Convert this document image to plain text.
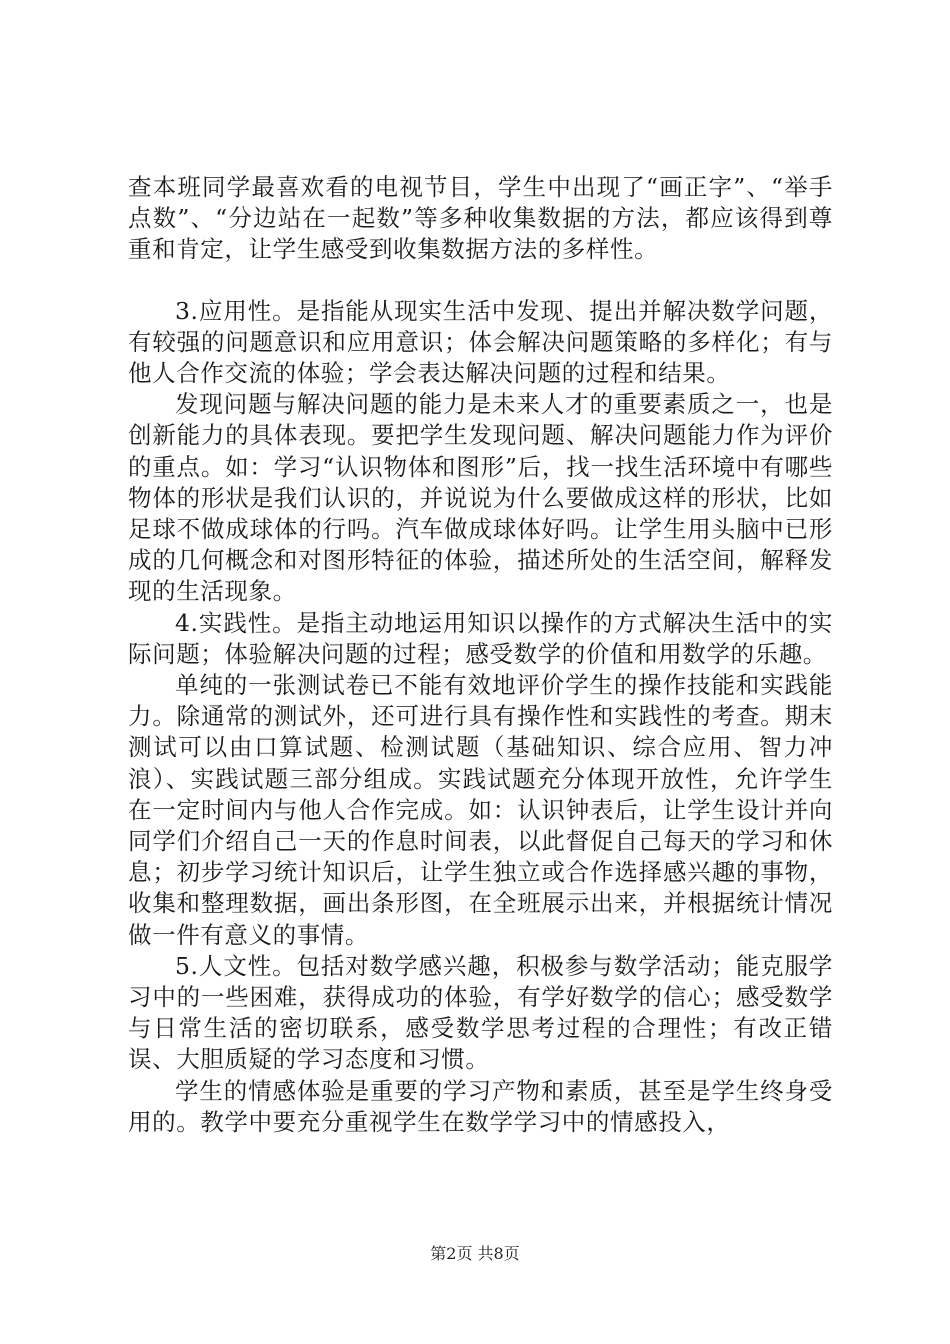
查本班同学最喜欢看的电视节目，学生中出现了“画正字”、“举手点数”、“分边站在一起数”等多种收集数据的方法，都应该得到尊重和肯定，让学生感受到收集数据方法的多样性。

3.应用性。是指能从现实生活中发现、提出并解决数学问题，有较强的问题意识和应用意识；体会解决问题策略的多样化；有与他人合作交流的体验；学会表达解决问题的过程和结果。

发现问题与解决问题的能力是未来人才的重要素质之一，也是创新能力的具体表现。要把学生发现问题、解决问题能力作为评价的重点。如：学习“认识物体和图形”后，找一找生活环境中有哪些物体的形状是我们认识的，并说说为什么要做成这样的形状，比如足球不做成球体的行吗。汽车做成球体好吗。让学生用头脑中已形成的几何概念和对图形特征的体验，描述所处的生活空间，解释发现的生活现象。

4.实践性。是指主动地运用知识以操作的方式解决生活中的实际问题；体验解决问题的过程；感受数学的价值和用数学的乐趣。

单纯的一张测试卷已不能有效地评价学生的操作技能和实践能力。除通常的测试外，还可进行具有操作性和实践性的考查。期末测试可以由口算试题、检测试题（基础知识、综合应用、智力冲浪）、实践试题三部分组成。实践试题充分体现开放性，允许学生在一定时间内与他人合作完成。如：认识钟表后，让学生设计并向同学们介绍自己一天的作息时间表，以此督促自己每天的学习和休息；初步学习统计知识后，让学生独立或合作选择感兴趣的事物，收集和整理数据，画出条形图，在全班展示出来，并根据统计情况做一件有意义的事情。

5.人文性。包括对数学感兴趣，积极参与数学活动；能克服学习中的一些困难，获得成功的体验，有学好数学的信心；感受数学与日常生活的密切联系，感受数学思考过程的合理性；有改正错误、大胆质疑的学习态度和习惯。

学生的情感体验是重要的学习产物和素质，甚至是学生终身受用的。教学中要充分重视学生在数学学习中的情感投入，

第2页 共8页
